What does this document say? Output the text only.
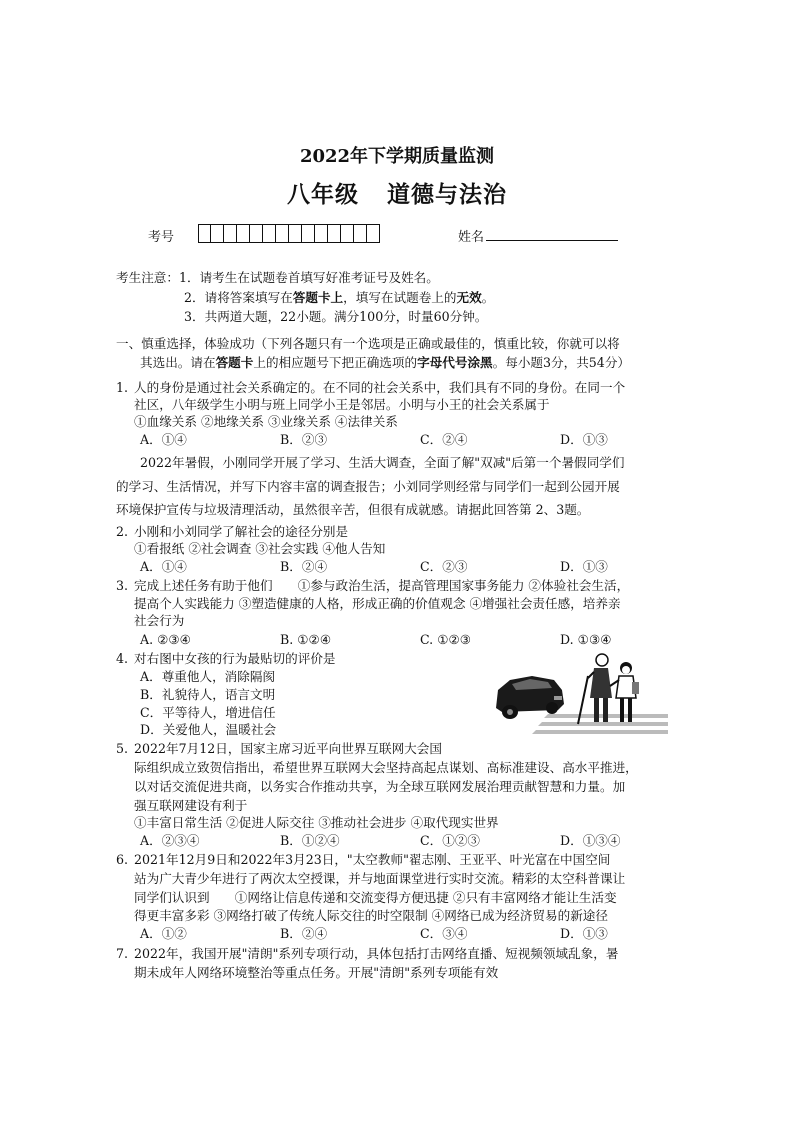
2022年下学期质量监测
八年级 道德与法治
考号	姓名
考生注意：1．请考生在试题卷首填写好准考证号及姓名。
2．请将答案填写在答题卡上，填写在试题卷上的无效。
3．共两道大题，22小题。满分100分，时量60分钟。
一、慎重选择，体验成功（下列各题只有一个选项是正确或最佳的，慎重比较，你就可以将
其选出。请在答题卡上的相应题号下把正确选项的字母代号涂黑。每小题3分，共54分）
1. 人的身份是通过社会关系确定的。在不同的社会关系中，我们具有不同的身份。在同一个
社区，八年级学生小明与班上同学小王是邻居。小明与小王的社会关系属于
①血缘关系 ②地缘关系 ③业缘关系 ④法律关系
A．①④	B．②③	C．②④	D．①③
2022年暑假，小刚同学开展了学习、生活大调查，全面了解"双减"后第一个暑假同学们
的学习、生活情况，并写下内容丰富的调查报告；小刘同学则经常与同学们一起到公园开展
环境保护宣传与垃圾清理活动，虽然很辛苦，但很有成就感。请据此回答第 2、3题。
2. 小刚和小刘同学了解社会的途径分别是
①看报纸 ②社会调查 ③社会实践 ④他人告知
A．①④	B．②④	C．②③	D．①③
3. 完成上述任务有助于他们　　①参与政治生活，提高管理国家事务能力 ②体验社会生活，
提高个人实践能力 ③塑造健康的人格，形成正确的价值观念 ④增强社会责任感，培养亲
社会行为
A. ②③④	B. ①②④	C. ①②③	D. ①③④
4. 对右图中女孩的行为最贴切的评价是
A．尊重他人，消除隔阂
B．礼貌待人，语言文明
C．平等待人，增进信任
D．关爱他人，温暖社会
5. 2022年7月12日，国家主席习近平向世界互联网大会国
际组织成立致贺信指出，希望世界互联网大会坚持高起点谋划、高标准建设、高水平推进，
以对话交流促进共商，以务实合作推动共享，为全球互联网发展治理贡献智慧和力量。加
强互联网建设有利于
①丰富日常生活 ②促进人际交往 ③推动社会进步 ④取代现实世界
A．②③④	B．①②④	C．①②③	D．①③④
6. 2021年12月9日和2022年3月23日，"太空教师"翟志刚、王亚平、叶光富在中国空间
站为广大青少年进行了两次太空授课，并与地面课堂进行实时交流。精彩的太空科普课让
同学们认识到　　①网络让信息传递和交流变得方便迅捷 ②只有丰富网络才能让生活变
得更丰富多彩 ③网络打破了传统人际交往的时空限制 ④网络已成为经济贸易的新途径
A．①②	B．②④	C．③④	D．①③
7. 2022年，我国开展"清朗"系列专项行动，具体包括打击网络直播、短视频领域乱象，暑
期未成年人网络环境整治等重点任务。开展"清朗"系列专项能有效
